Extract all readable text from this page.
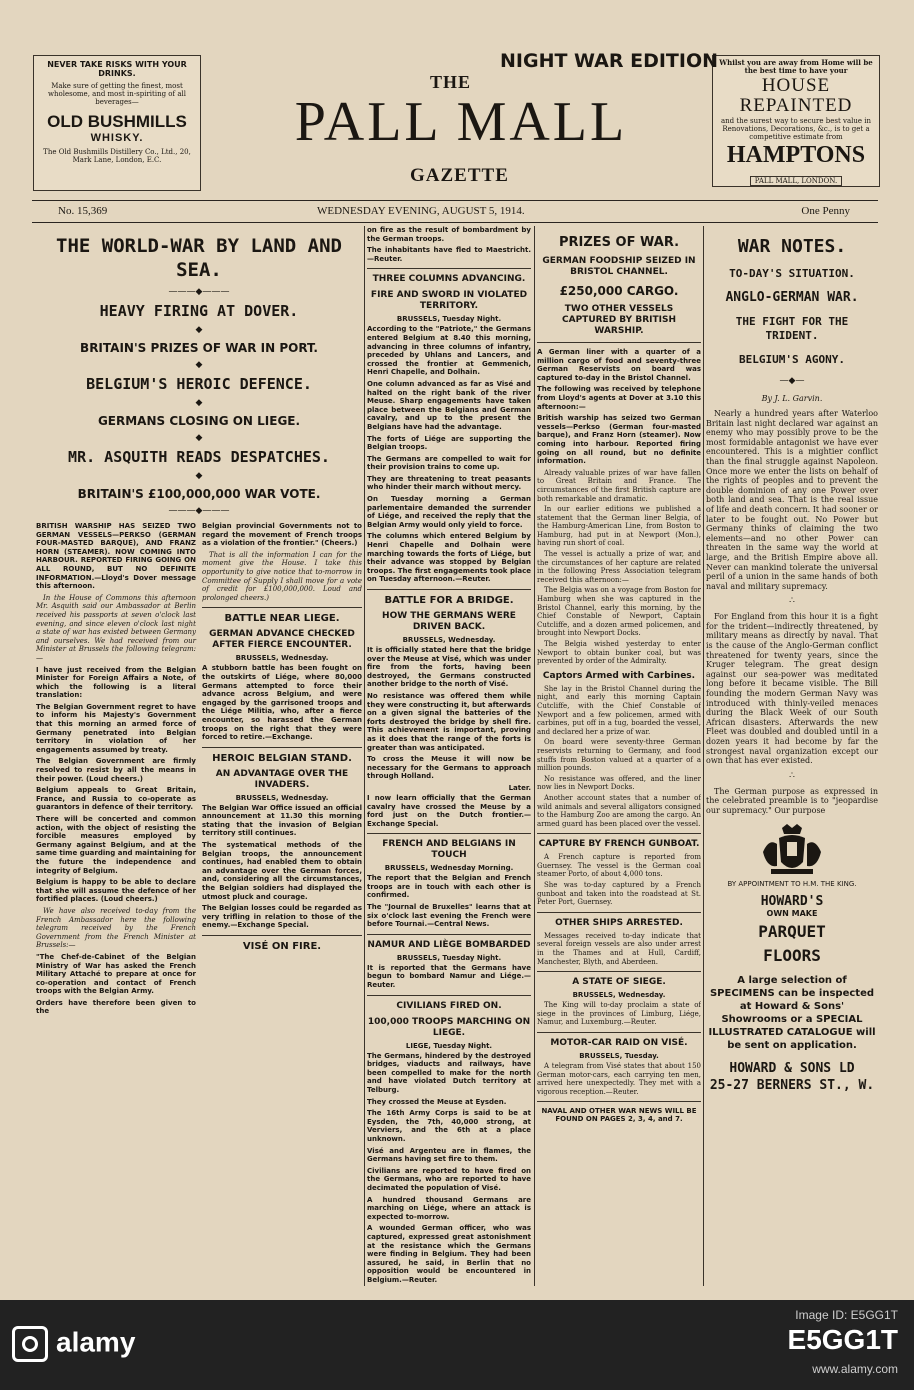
NEVER TAKE RISKS WITH YOUR DRINKS.
Make sure of getting the finest, most wholesome, and most in-spiriting of all beverages—
OLD BUSHMILLS
WHISKY.
The Old Bushmills Distillery Co., Ltd., 20, Mark Lane, London, E.C.
Whilst you are away from Home will be the best time to have your
HOUSE
REPAINTED
and the surest way to secure best value in Renovations, Decorations, &c., is to get a competitive estimate from
HAMPTONS
PALL MALL, LONDON.
NIGHT WAR EDITION
THE
PALL MALL
GAZETTE
No. 15,369	WEDNESDAY EVENING, AUGUST 5, 1914.	One Penny
THE WORLD-WAR BY LAND AND SEA.
———◆———
HEAVY FIRING AT DOVER.
◆
BRITAIN'S PRIZES OF WAR IN PORT.
◆
BELGIUM'S HEROIC DEFENCE.
◆
GERMANS CLOSING ON LIEGE.
◆
MR. ASQUITH READS DESPATCHES.
◆
BRITAIN'S £100,000,000 WAR VOTE.
———◆———

BRITISH WARSHIP HAS SEIZED TWO GERMAN VESSELS—PERKSO (GERMAN FOUR-MASTED BARQUE), AND FRANZ HORN (STEAMER). NOW COMING INTO HARBOUR. REPORTED FIRING GOING ON ALL ROUND, BUT NO DEFINITE INFORMATION.—Lloyd's Dover message this afternoon.

In the House of Commons this afternoon Mr. Asquith said our Ambassador at Berlin received his passports at seven o'clock last evening, and since eleven o'clock last night a state of war has existed between Germany and ourselves. We had received from our Minister at Brussels the following telegram:—

I have just received from the Belgian Minister for Foreign Affairs a Note, of which the following is a literal translation:

The Belgian Government regret to have to inform his Majesty's Government that this morning an armed force of Germany penetrated into Belgian territory in violation of her engagements assumed by treaty.

The Belgian Government are firmly resolved to resist by all the means in their power. (Loud cheers.)

Belgium appeals to Great Britain, France, and Russia to co-operate as guarantors in defence of their territory.

There will be concerted and common action, with the object of resisting the forcible measures employed by Germany against Belgium, and at the same time guarding and maintaining for the future the independence and integrity of Belgium.

Belgium is happy to be able to declare that she will assume the defence of her fortified places. (Loud cheers.)

We have also received to-day from the French Ambassador here the following telegram received by the French Government from the French Minister at Brussels:—

"The Chef-de-Cabinet of the Belgian Ministry of War has asked the French Military Attaché to prepare at once for co-operation and contact of French troops with the Belgian Army.

Orders have therefore been given to the

Belgian provincial Governments not to regard the movement of French troops as a violation of the frontier." (Cheers.)

That is all the information I can for the moment give the House. I take this opportunity to give notice that to-morrow in Committee of Supply I shall move for a vote of credit for £100,000,000. Loud and prolonged cheers.)

BATTLE NEAR LIEGE.
GERMAN ADVANCE CHECKED AFTER FIERCE ENCOUNTER.
BRUSSELS, Wednesday.

A stubborn battle has been fought on the outskirts of Liége, where 80,000 Germans attempted to force their advance across Belgium, and were engaged by the garrisoned troops and the Liége Militia, who, after a fierce encounter, so harassed the German troops on the right that they were forced to retire.—Exchange.

HEROIC BELGIAN STAND.
AN ADVANTAGE OVER THE INVADERS.
BRUSSELS, Wednesday.

The Belgian War Office issued an official announcement at 11.30 this morning stating that the invasion of Belgian territory still continues.

The systematical methods of the Belgian troops, the announcement continues, had enabled them to obtain an advantage over the German forces, and, considering all the circumstances, the Belgian soldiers had displayed the utmost pluck and courage.

The Belgian losses could be regarded as very trifling in relation to those of the enemy.—Exchange Special.

VISÉ ON FIRE.

on fire as the result of bombardment by the German troops.

The inhabitants have fled to Maestricht.—Reuter.

THREE COLUMNS ADVANCING.
FIRE AND SWORD IN VIOLATED TERRITORY.
BRUSSELS, Tuesday Night.

According to the "Patriote," the Germans entered Belgium at 8.40 this morning, advancing in three columns of infantry, preceded by Uhlans and Lancers, and crossed the frontier at Gemmenich, Henri Chapelle, and Dolhain.

One column advanced as far as Visé and halted on the right bank of the river Meuse. Sharp engagements have taken place between the Belgians and German cavalry, and up to the present the Belgians have had the advantage.

The forts of Liége are supporting the Belgian troops.

The Germans are compelled to wait for their provision trains to come up.

They are threatening to treat peasants who hinder their march without mercy.

On Tuesday morning a German parlementaire demanded the surrender of Liége, and received the reply that the Belgian Army would only yield to force.

The columns which entered Belgium by Henri Chapelle and Dolhain were marching towards the forts of Liége, but their advance was stopped by Belgian troops. The first engagements took place on Tuesday afternoon.—Reuter.

BATTLE FOR A BRIDGE.
HOW THE GERMANS WERE DRIVEN BACK.
BRUSSELS, Wednesday.

It is officially stated here that the bridge over the Meuse at Visé, which was under fire from the forts, having been destroyed, the Germans constructed another bridge to the north of Visé.

No resistance was offered them while they were constructing it, but afterwards on a given signal the batteries of the forts destroyed the bridge by shell fire. This achievement is important, proving as it does that the range of the forts is greater than was anticipated.

To cross the Meuse it will now be necessary for the Germans to approach through Holland.

Later.

I now learn officially that the German cavalry have crossed the Meuse by a ford just on the Dutch frontier.—Exchange Special.

FRENCH AND BELGIANS IN TOUCH
BRUSSELS, Wednesday Morning.

The report that the Belgian and French troops are in touch with each other is confirmed.

The "Journal de Bruxelles" learns that at six o'clock last evening the French were before Tournai.—Central News.

NAMUR AND LIÈGE BOMBARDED
BRUSSELS, Tuesday Night.

It is reported that the Germans have begun to bombard Namur and Liége.—Reuter.

CIVILIANS FIRED ON.
100,000 TROOPS MARCHING ON LIEGE.
LIEGE, Tuesday Night.

The Germans, hindered by the destroyed bridges, viaducts and railways, have been compelled to make for the north and have violated Dutch territory at Telburg.

They crossed the Meuse at Eysden.

The 16th Army Corps is said to be at Eysden, the 7th, 40,000 strong, at Verviers, and the 6th at a place unknown.

Visé and Argenteu are in flames, the Germans having set fire to them.

Civilians are reported to have fired on the Germans, who are reported to have decimated the population of Visé.

A hundred thousand Germans are marching on Liége, where an attack is expected to-morrow.

A wounded German officer, who was captured, expressed great astonishment at the resistance which the Germans were finding in Belgium. They had been assured, he said, in Berlin that no opposition would be encountered in Belgium.—Reuter.

PRIZES OF WAR.
GERMAN FOODSHIP SEIZED IN BRISTOL CHANNEL.
£250,000 CARGO.
TWO OTHER VESSELS CAPTURED BY BRITISH WARSHIP.

A German liner with a quarter of a million cargo of food and seventy-three German Reservists on board was captured to-day in the Bristol Channel.

The following was received by telephone from Lloyd's agents at Dover at 3.10 this afternoon:—

British warship has seized two German vessels—Perkso (German four-masted barque), and Franz Horn (steamer). Now coming into harbour. Reported firing going on all round, but no definite information.

Already valuable prizes of war have fallen to Great Britain and France. The circumstances of the first British capture are both remarkable and dramatic.

In our earlier editions we published a statement that the German liner Belgia, of the Hamburg-American Line, from Boston to Hamburg, had put in at Newport (Mon.), having run short of coal.

The vessel is actually a prize of war, and the circumstances of her capture are related in the following Press Association telegram received this afternoon:—

The Belgia was on a voyage from Boston for Hamburg when she was captured in the Bristol Channel, early this morning, by the Chief Constable of Newport, Captain Cutcliffe, and a dozen armed policemen, and brought into Newport Docks.

The Belgia wished yesterday to enter Newport to obtain bunker coal, but was prevented by order of the Admiralty.

Captors Armed with Carbines.

She lay in the Bristol Channel during the night, and early this morning Captain Cutcliffe, with the Chief Constable of Newport and a few policemen, armed with carbines, put off in a tug, boarded the vessel, and declared her a prize of war.

On board were seventy-three German reservists returning to Germany, and food stuffs from Boston valued at a quarter of a million pounds.

No resistance was offered, and the liner now lies in Newport Docks.

Another account states that a number of wild animals and several alligators consigned to the Hamburg Zoo are among the cargo. An armed guard has been placed over the vessel.

CAPTURE BY FRENCH GUNBOAT.

A French capture is reported from Guernsey. The vessel is the German coal steamer Porto, of about 4,000 tons.

She was to-day captured by a French gunboat and taken into the roadstead at St. Peter Port, Guernsey.

OTHER SHIPS ARRESTED.

Messages received to-day indicate that several foreign vessels are also under arrest in the Thames and at Hull, Cardiff, Manchester, Blyth, and Aberdeen.

A STATE OF SIEGE.
BRUSSELS, Wednesday.

The King will to-day proclaim a state of siege in the provinces of Limburg, Liége, Namur, and Luxemburg.—Reuter.

MOTOR-CAR RAID ON VISÉ.
BRUSSELS, Tuesday.

A telegram from Visé states that about 150 German motor-cars, each carrying ten men, arrived here unexpectedly. They met with a vigorous reception.—Reuter.

NAVAL AND OTHER WAR NEWS WILL BE FOUND ON PAGES 2, 3, 4, and 7.
WAR NOTES.
TO-DAY'S SITUATION.
ANGLO-GERMAN WAR.
THE FIGHT FOR THE TRIDENT.
BELGIUM'S AGONY.
—◆—
By J. L. Garvin.

Nearly a hundred years after Waterloo Britain last night declared war against an enemy who may possibly prove to be the most formidable antagonist we have ever encountered. This is a mightier conflict than the final struggle against Napoleon. Once more we enter the lists on behalf of the rights of peoples and to prevent the double dominion of any one Power over both land and sea. That is the real issue of life and death concern. It had sooner or later to be fought out. No Power but Germany thinks of claiming the two elements—and no other Power can threaten in the same way the world at large, and the British Empire above all. Never can mankind tolerate the universal peril of a union in the same hands of both naval and military supremacy.

∴

For England from this hour it is a fight for the trident—indirectly threatened, by military means as directly by naval. That is the cause of the Anglo-German conflict threatened for twenty years, since the Kruger telegram. The great design against our sea-power was meditated long before it became visible. The Bill founding the modern German Navy was introduced with thinly-veiled menaces during the Black Week of our South African disasters. Afterwards the new Fleet was doubled and doubled until in a dozen years it had become by far the strongest naval organization except our own that has ever existed.

∴

The German purpose as expressed in the celebrated preamble is to "jeopardise our supremacy." Our purpose

BY APPOINTMENT TO H.M. THE KING.
HOWARD'S
OWN MAKE
PARQUET
FLOORS
A large selection of SPECIMENS can be inspected at Howard & Sons' Showrooms or a SPECIAL ILLUSTRATED CATALOGUE will be sent on application.
HOWARD & SONS LD
25-27 BERNERS ST., W.
alamy
Image ID: E5GG1T
E5GG1T
www.alamy.com
